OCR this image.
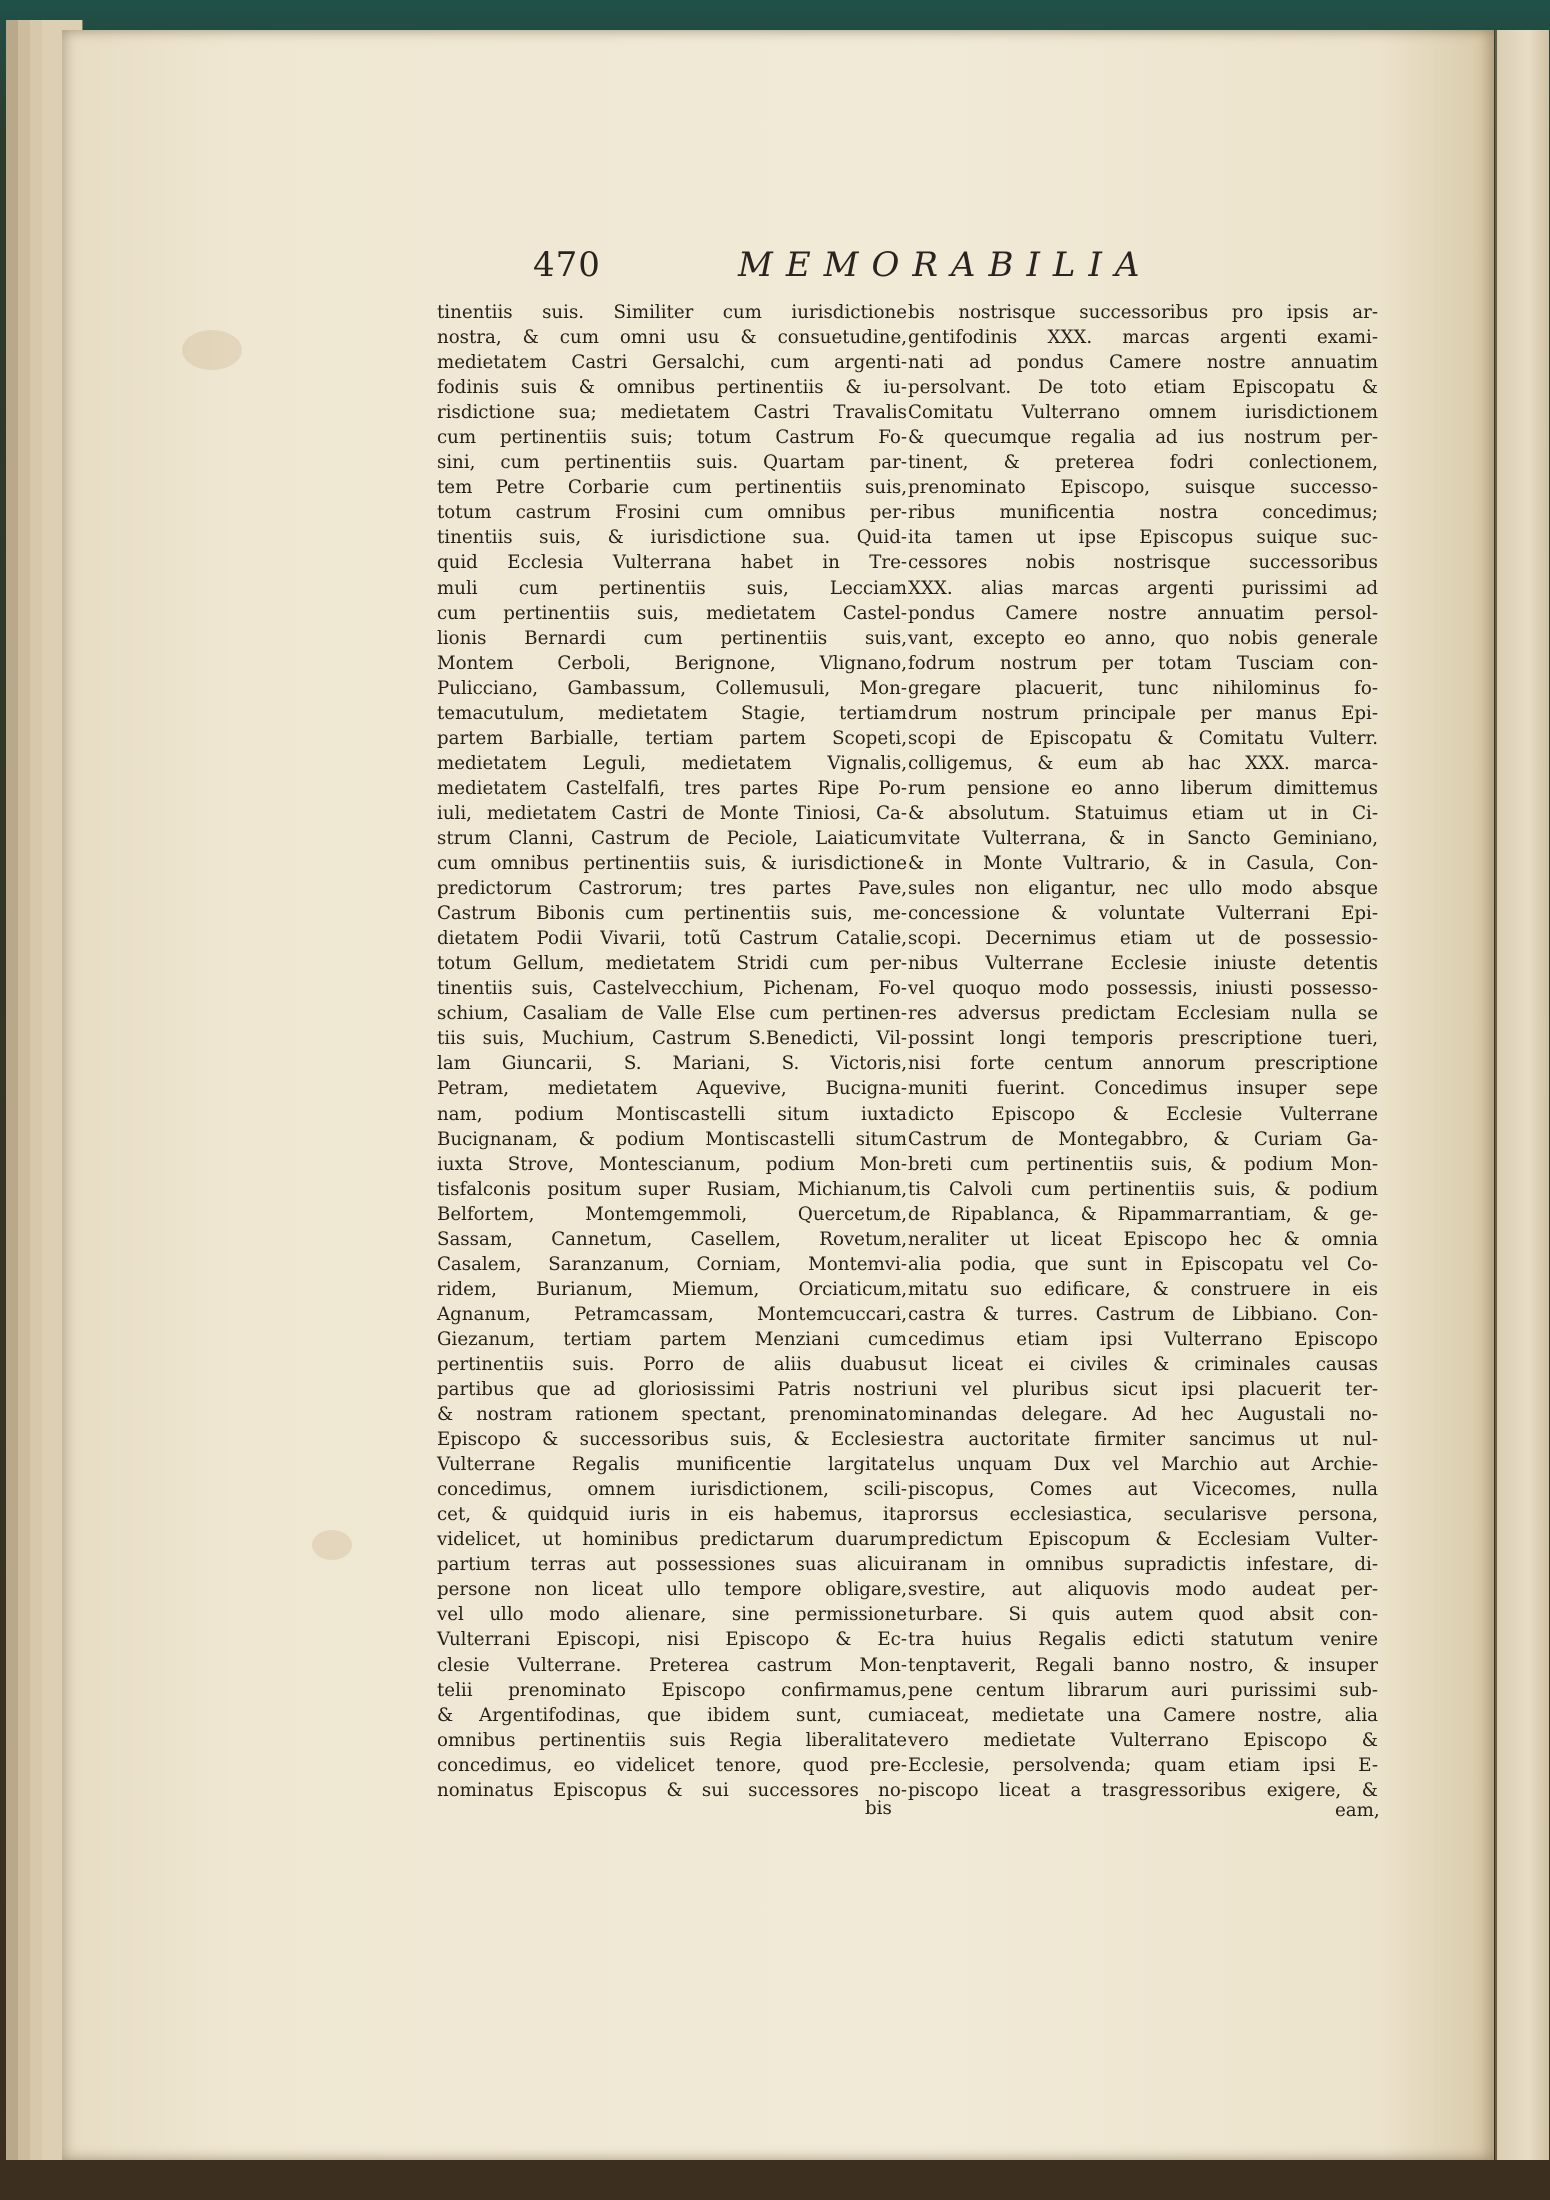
470	MEMORABILIA
tinentiis suis. Similiter cum iurisdictione
nostra, & cum omni usu & consuetudine,
medietatem Castri Gersalchi, cum argenti-
fodinis suis & omnibus pertinentiis & iu-
risdictione sua; medietatem Castri Travalis
cum pertinentiis suis; totum Castrum Fo-
sini, cum pertinentiis suis. Quartam par-
tem Petre Corbarie cum pertinentiis suis,
totum castrum Frosini cum omnibus per-
tinentiis suis, & iurisdictione sua. Quid-
quid Ecclesia Vulterrana habet in Tre-
muli cum pertinentiis suis, Lecciam
cum pertinentiis suis, medietatem Castel-
lionis Bernardi cum pertinentiis suis,
Montem Cerboli, Berignone, Vlignano,
Pulicciano, Gambassum, Collemusuli, Mon-
temacutulum, medietatem Stagie, tertiam
partem Barbialle, tertiam partem Scopeti,
medietatem Leguli, medietatem Vignalis,
medietatem Castelfalfi, tres partes Ripe Po-
iuli, medietatem Castri de Monte Tiniosi, Ca-
strum Clanni, Castrum de Peciole, Laiaticum
cum omnibus pertinentiis suis, & iurisdictione
predictorum Castrorum; tres partes Pave,
Castrum Bibonis cum pertinentiis suis, me-
dietatem Podii Vivarii, totũ Castrum Catalie,
totum Gellum, medietatem Stridi cum per-
tinentiis suis, Castelvecchium, Pichenam, Fo-
schium, Casaliam de Valle Else cum pertinen-
tiis suis, Muchium, Castrum S.Benedicti, Vil-
lam Giuncarii, S. Mariani, S. Victoris,
Petram, medietatem Aquevive, Bucigna-
nam, podium Montiscastelli situm iuxta
Bucignanam, & podium Montiscastelli situm
iuxta Strove, Montescianum, podium Mon-
tisfalconis positum super Rusiam, Michianum,
Belfortem, Montemgemmoli, Quercetum,
Sassam, Cannetum, Casellem, Rovetum,
Casalem, Saranzanum, Corniam, Montemvi-
ridem, Burianum, Miemum, Orciaticum,
Agnanum, Petramcassam, Montemcuccari,
Giezanum, tertiam partem Menziani cum
pertinentiis suis. Porro de aliis duabus
partibus que ad gloriosissimi Patris nostri
& nostram rationem spectant, prenominato
Episcopo & successoribus suis, & Ecclesie
Vulterrane Regalis munificentie largitate
concedimus, omnem iurisdictionem, scili-
cet, & quidquid iuris in eis habemus, ita
videlicet, ut hominibus predictarum duarum
partium terras aut possessiones suas alicui
persone non liceat ullo tempore obligare,
vel ullo modo alienare, sine permissione
Vulterrani Episcopi, nisi Episcopo & Ec-
clesie Vulterrane. Preterea castrum Mon-
telii prenominato Episcopo confirmamus,
& Argentifodinas, que ibidem sunt, cum
omnibus pertinentiis suis Regia liberalitate
concedimus, eo videlicet tenore, quod pre-
nominatus Episcopus & sui successores no-
bis nostrisque successoribus pro ipsis ar-
gentifodinis XXX. marcas argenti exami-
nati ad pondus Camere nostre annuatim
persolvant. De toto etiam Episcopatu &
Comitatu Vulterrano omnem iurisdictionem
& quecumque regalia ad ius nostrum per-
tinent, & preterea fodri conlectionem,
prenominato Episcopo, suisque successo-
ribus munificentia nostra concedimus;
ita tamen ut ipse Episcopus suique suc-
cessores nobis nostrisque successoribus
XXX. alias marcas argenti purissimi ad
pondus Camere nostre annuatim persol-
vant, excepto eo anno, quo nobis generale
fodrum nostrum per totam Tusciam con-
gregare placuerit, tunc nihilominus fo-
drum nostrum principale per manus Epi-
scopi de Episcopatu & Comitatu Vulterr.
colligemus, & eum ab hac XXX. marca-
rum pensione eo anno liberum dimittemus
& absolutum. Statuimus etiam ut in Ci-
vitate Vulterrana, & in Sancto Geminiano,
& in Monte Vultrario, & in Casula, Con-
sules non eligantur, nec ullo modo absque
concessione & voluntate Vulterrani Epi-
scopi. Decernimus etiam ut de possessio-
nibus Vulterrane Ecclesie iniuste detentis
vel quoquo modo possessis, iniusti possesso-
res adversus predictam Ecclesiam nulla se
possint longi temporis prescriptione tueri,
nisi forte centum annorum prescriptione
muniti fuerint. Concedimus insuper sepe
dicto Episcopo & Ecclesie Vulterrane
Castrum de Montegabbro, & Curiam Ga-
breti cum pertinentiis suis, & podium Mon-
tis Calvoli cum pertinentiis suis, & podium
de Ripablanca, & Ripammarrantiam, & ge-
neraliter ut liceat Episcopo hec & omnia
alia podia, que sunt in Episcopatu vel Co-
mitatu suo edificare, & construere in eis
castra & turres. Castrum de Libbiano. Con-
cedimus etiam ipsi Vulterrano Episcopo
ut liceat ei civiles & criminales causas
uni vel pluribus sicut ipsi placuerit ter-
minandas delegare. Ad hec Augustali no-
stra auctoritate firmiter sancimus ut nul-
lus unquam Dux vel Marchio aut Archie-
piscopus, Comes aut Vicecomes, nulla
prorsus ecclesiastica, secularisve persona,
predictum Episcopum & Ecclesiam Vulter-
ranam in omnibus supradictis infestare, di-
svestire, aut aliquovis modo audeat per-
turbare. Si quis autem quod absit con-
tra huius Regalis edicti statutum venire
tenptaverit, Regali banno nostro, & insuper
pene centum librarum auri purissimi sub-
iaceat, medietate una Camere nostre, alia
vero medietate Vulterrano Episcopo &
Ecclesie, persolvenda; quam etiam ipsi E-
piscopo liceat a trasgressoribus exigere, &
bis	eam,
